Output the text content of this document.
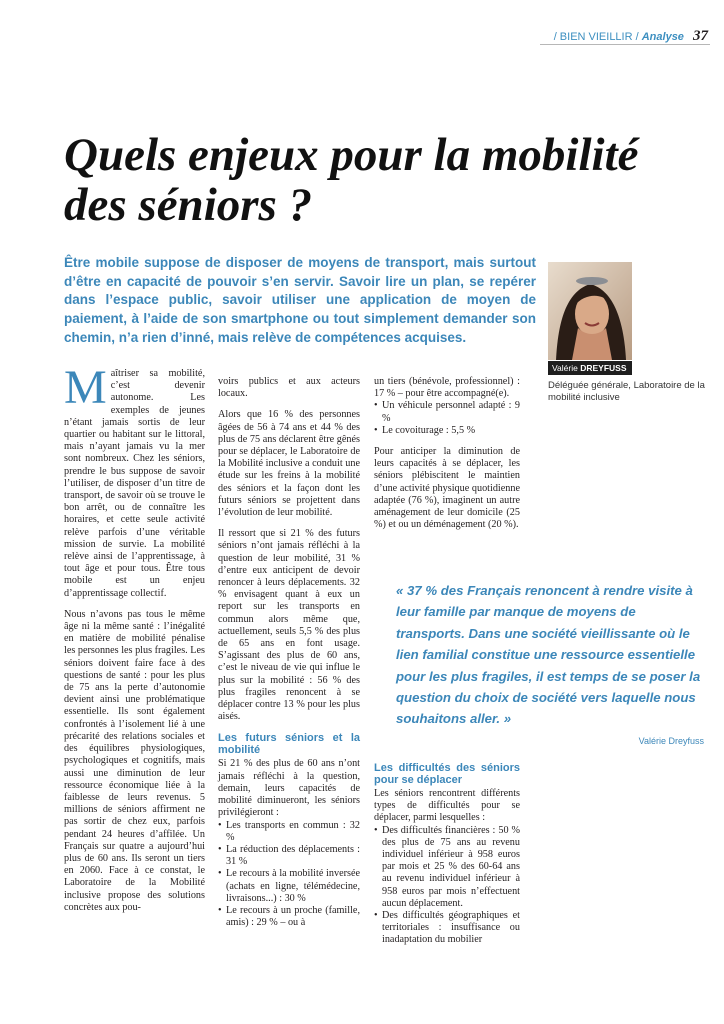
/ BIEN VIEILLIR / Analyse 37
Quels enjeux pour la mobilité des séniors ?

Être mobile suppose de disposer de moyens de transport, mais surtout d’être en capacité de pouvoir s’en servir. Savoir lire un plan, se repérer dans l’espace public, savoir utiliser une application de moyen de paiement, à l’aide de son smartphone ou tout simplement demander son chemin, n’a rien d’inné, mais relève de compétences acquises.

Valérie DREYFUSS

Déléguée générale, Laboratoire de la mobilité inclusive

Maîtriser sa mobilité, c’est devenir autonome. Les exemples de jeunes n’étant jamais sortis de leur quartier ou habitant sur le littoral, mais n’ayant jamais vu la mer sont nombreux. Chez les séniors, prendre le bus suppose de savoir l’utiliser, de disposer d’un titre de transport, de savoir où se trouve le bon arrêt, ou de connaître les horaires, et cette seule activité relève parfois d’une véritable mission de survie. La mobilité relève ainsi de l’apprentissage, à tout âge et pour tous. Être tous mobile est un enjeu d’apprentissage collectif.

Nous n’avons pas tous le même âge ni la même santé : l’inégalité en matière de mobilité pénalise les personnes les plus fragiles. Les séniors doivent faire face à des questions de santé : pour les plus de 75 ans la perte d’autonomie devient ainsi une problématique essentielle. Ils sont également confrontés à l’isolement lié à une précarité des relations sociales et des équilibres physiologiques, psychologiques et cognitifs, mais aussi une diminution de leur ressource économique liée à la faiblesse de leurs revenus. 5 millions de séniors affirment ne pas sortir de chez eux, parfois pendant 24 heures d’affilée. Un Français sur quatre a aujourd’hui plus de 60 ans. Ils seront un tiers en 2060. Face à ce constat, le Laboratoire de la Mobilité inclusive propose des solutions concrètes aux pou-

voirs publics et aux acteurs locaux.

Alors que 16 % des personnes âgées de 56 à 74 ans et 44 % des plus de 75 ans déclarent être gênés pour se déplacer, le Laboratoire de la Mobilité inclusive a conduit une étude sur les freins à la mobilité des séniors et la façon dont les futurs séniors se projettent dans l’évolution de leur mobilité.

Il ressort que si 21 % des futurs séniors n’ont jamais réfléchi à la question de leur mobilité, 31 % d’entre eux anticipent de devoir renoncer à leurs déplacements. 32 % envisagent quant à eux un report sur les transports en commun alors même que, actuellement, seuls 5,5 % des plus de 65 ans en font usage. S’agissant des plus de 60 ans, c’est le niveau de vie qui influe le plus sur la mobilité : 56 % des plus fragiles renoncent à se déplacer contre 13 % pour les plus aisés.

Les futurs séniors et la mobilité

Si 21 % des plus de 60 ans n’ont jamais réfléchi à la question, demain, leurs capacités de mobilité diminueront, les séniors privilégieront :

• Les transports en commun : 32 %
• La réduction des déplacements : 31 %
• Le recours à la mobilité inversée (achats en ligne, télémédecine, livraisons...) : 30 %
• Le recours à un proche (famille, amis) : 29 % – ou à

un tiers (bénévole, professionnel) : 17 % – pour être accompagné(e).

• Un véhicule personnel adapté : 9 %
• Le covoiturage : 5,5 %

Pour anticiper la diminution de leurs capacités à se déplacer, les séniors plébiscitent le maintien d’une activité physique quotidienne adaptée (76 %), imaginent un autre aménagement de leur domicile (25 %) et ou un déménagement (20 %).

« 37 % des Français renoncent à rendre visite à leur famille par manque de moyens de transports. Dans une société vieillissante où le lien familial constitue une ressource essentielle pour les plus fragiles, il est temps de se poser la question du choix de société vers laquelle nous souhaitons aller. »

Valérie Dreyfuss
Les difficultés des séniors pour se déplacer

Les séniors rencontrent différents types de difficultés pour se déplacer, parmi lesquelles :

• Des difficultés financières : 50 % des plus de 75 ans au revenu individuel inférieur à 958 euros par mois et 25 % des 60-64 ans au revenu individuel inférieur à 958 euros par mois n’effectuent aucun déplacement.
• Des difficultés géographiques et territoriales : insuffisance ou inadaptation du mobilier
